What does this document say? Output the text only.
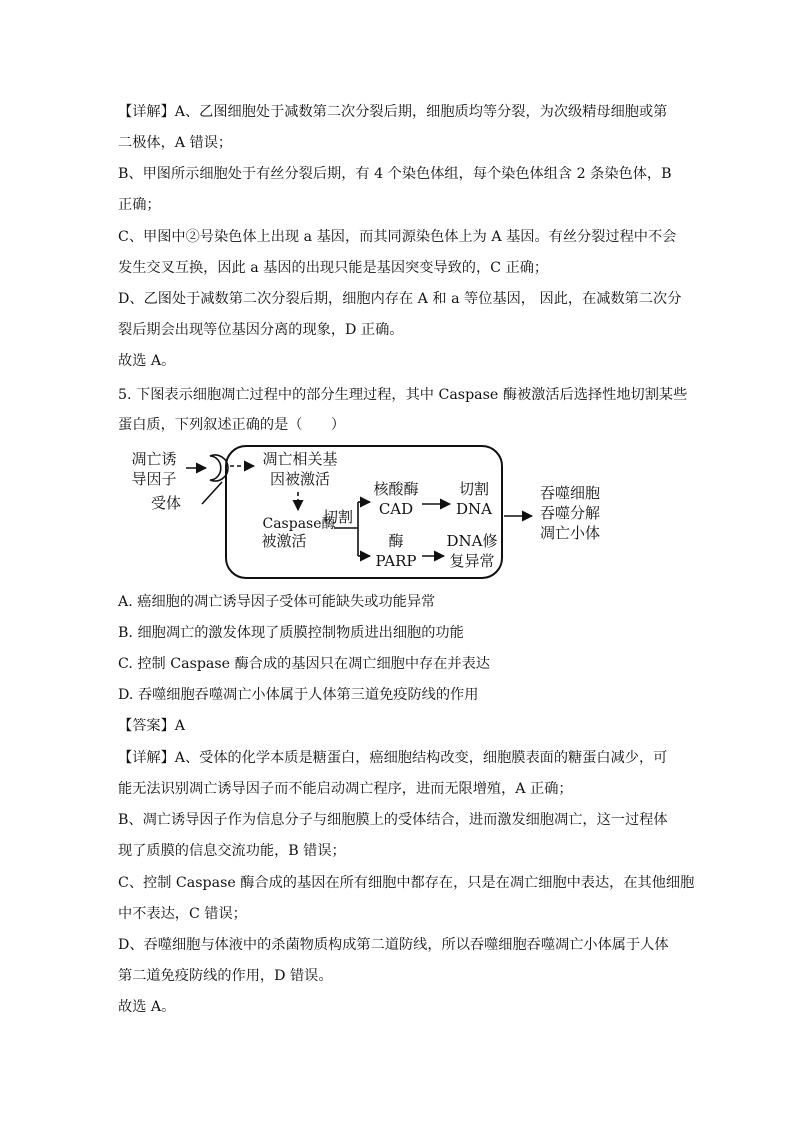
【详解】A、乙图细胞处于减数第二次分裂后期，细胞质均等分裂，为次级精母细胞或第
二极体，A 错误；
B、甲图所示细胞处于有丝分裂后期，有 4 个染色体组，每个染色体组含 2 条染色体，B
正确；
C、甲图中②号染色体上出现 a 基因，而其同源染色体上为 A 基因。有丝分裂过程中不会
发生交叉互换，因此 a 基因的出现只能是基因突变导致的，C 正确；
D、乙图处于减数第二次分裂后期，细胞内存在 A 和 a 等位基因， 因此，在减数第二次分
裂后期会出现等位基因分离的现象，D 正确。
故选 A。
5. 下图表示细胞凋亡过程中的部分生理过程，其中 Caspase 酶被激活后选择性地切割某些
蛋白质，下列叙述正确的是（　　）
凋亡诱
导因子
受体
凋亡相关基
因被激活
Caspase酶
被激活
切割
核酸酶
CAD
切割
DNA
酶
PARP
DNA修
复异常
吞噬细胞
吞噬分解
凋亡小体
A. 癌细胞的凋亡诱导因子受体可能缺失或功能异常
B. 细胞凋亡的激发体现了质膜控制物质进出细胞的功能
C. 控制 Caspase 酶合成的基因只在凋亡细胞中存在并表达
D. 吞噬细胞吞噬凋亡小体属于人体第三道免疫防线的作用
【答案】A
【详解】A、受体的化学本质是糖蛋白，癌细胞结构改变，细胞膜表面的糖蛋白减少，可
能无法识别凋亡诱导因子而不能启动凋亡程序，进而无限增殖，A 正确；
B、凋亡诱导因子作为信息分子与细胞膜上的受体结合，进而激发细胞凋亡，这一过程体
现了质膜的信息交流功能，B 错误；
C、控制 Caspase 酶合成的基因在所有细胞中都存在，只是在凋亡细胞中表达，在其他细胞
中不表达，C 错误；
D、吞噬细胞与体液中的杀菌物质构成第二道防线，所以吞噬细胞吞噬凋亡小体属于人体
第二道免疫防线的作用，D 错误。
故选 A。
